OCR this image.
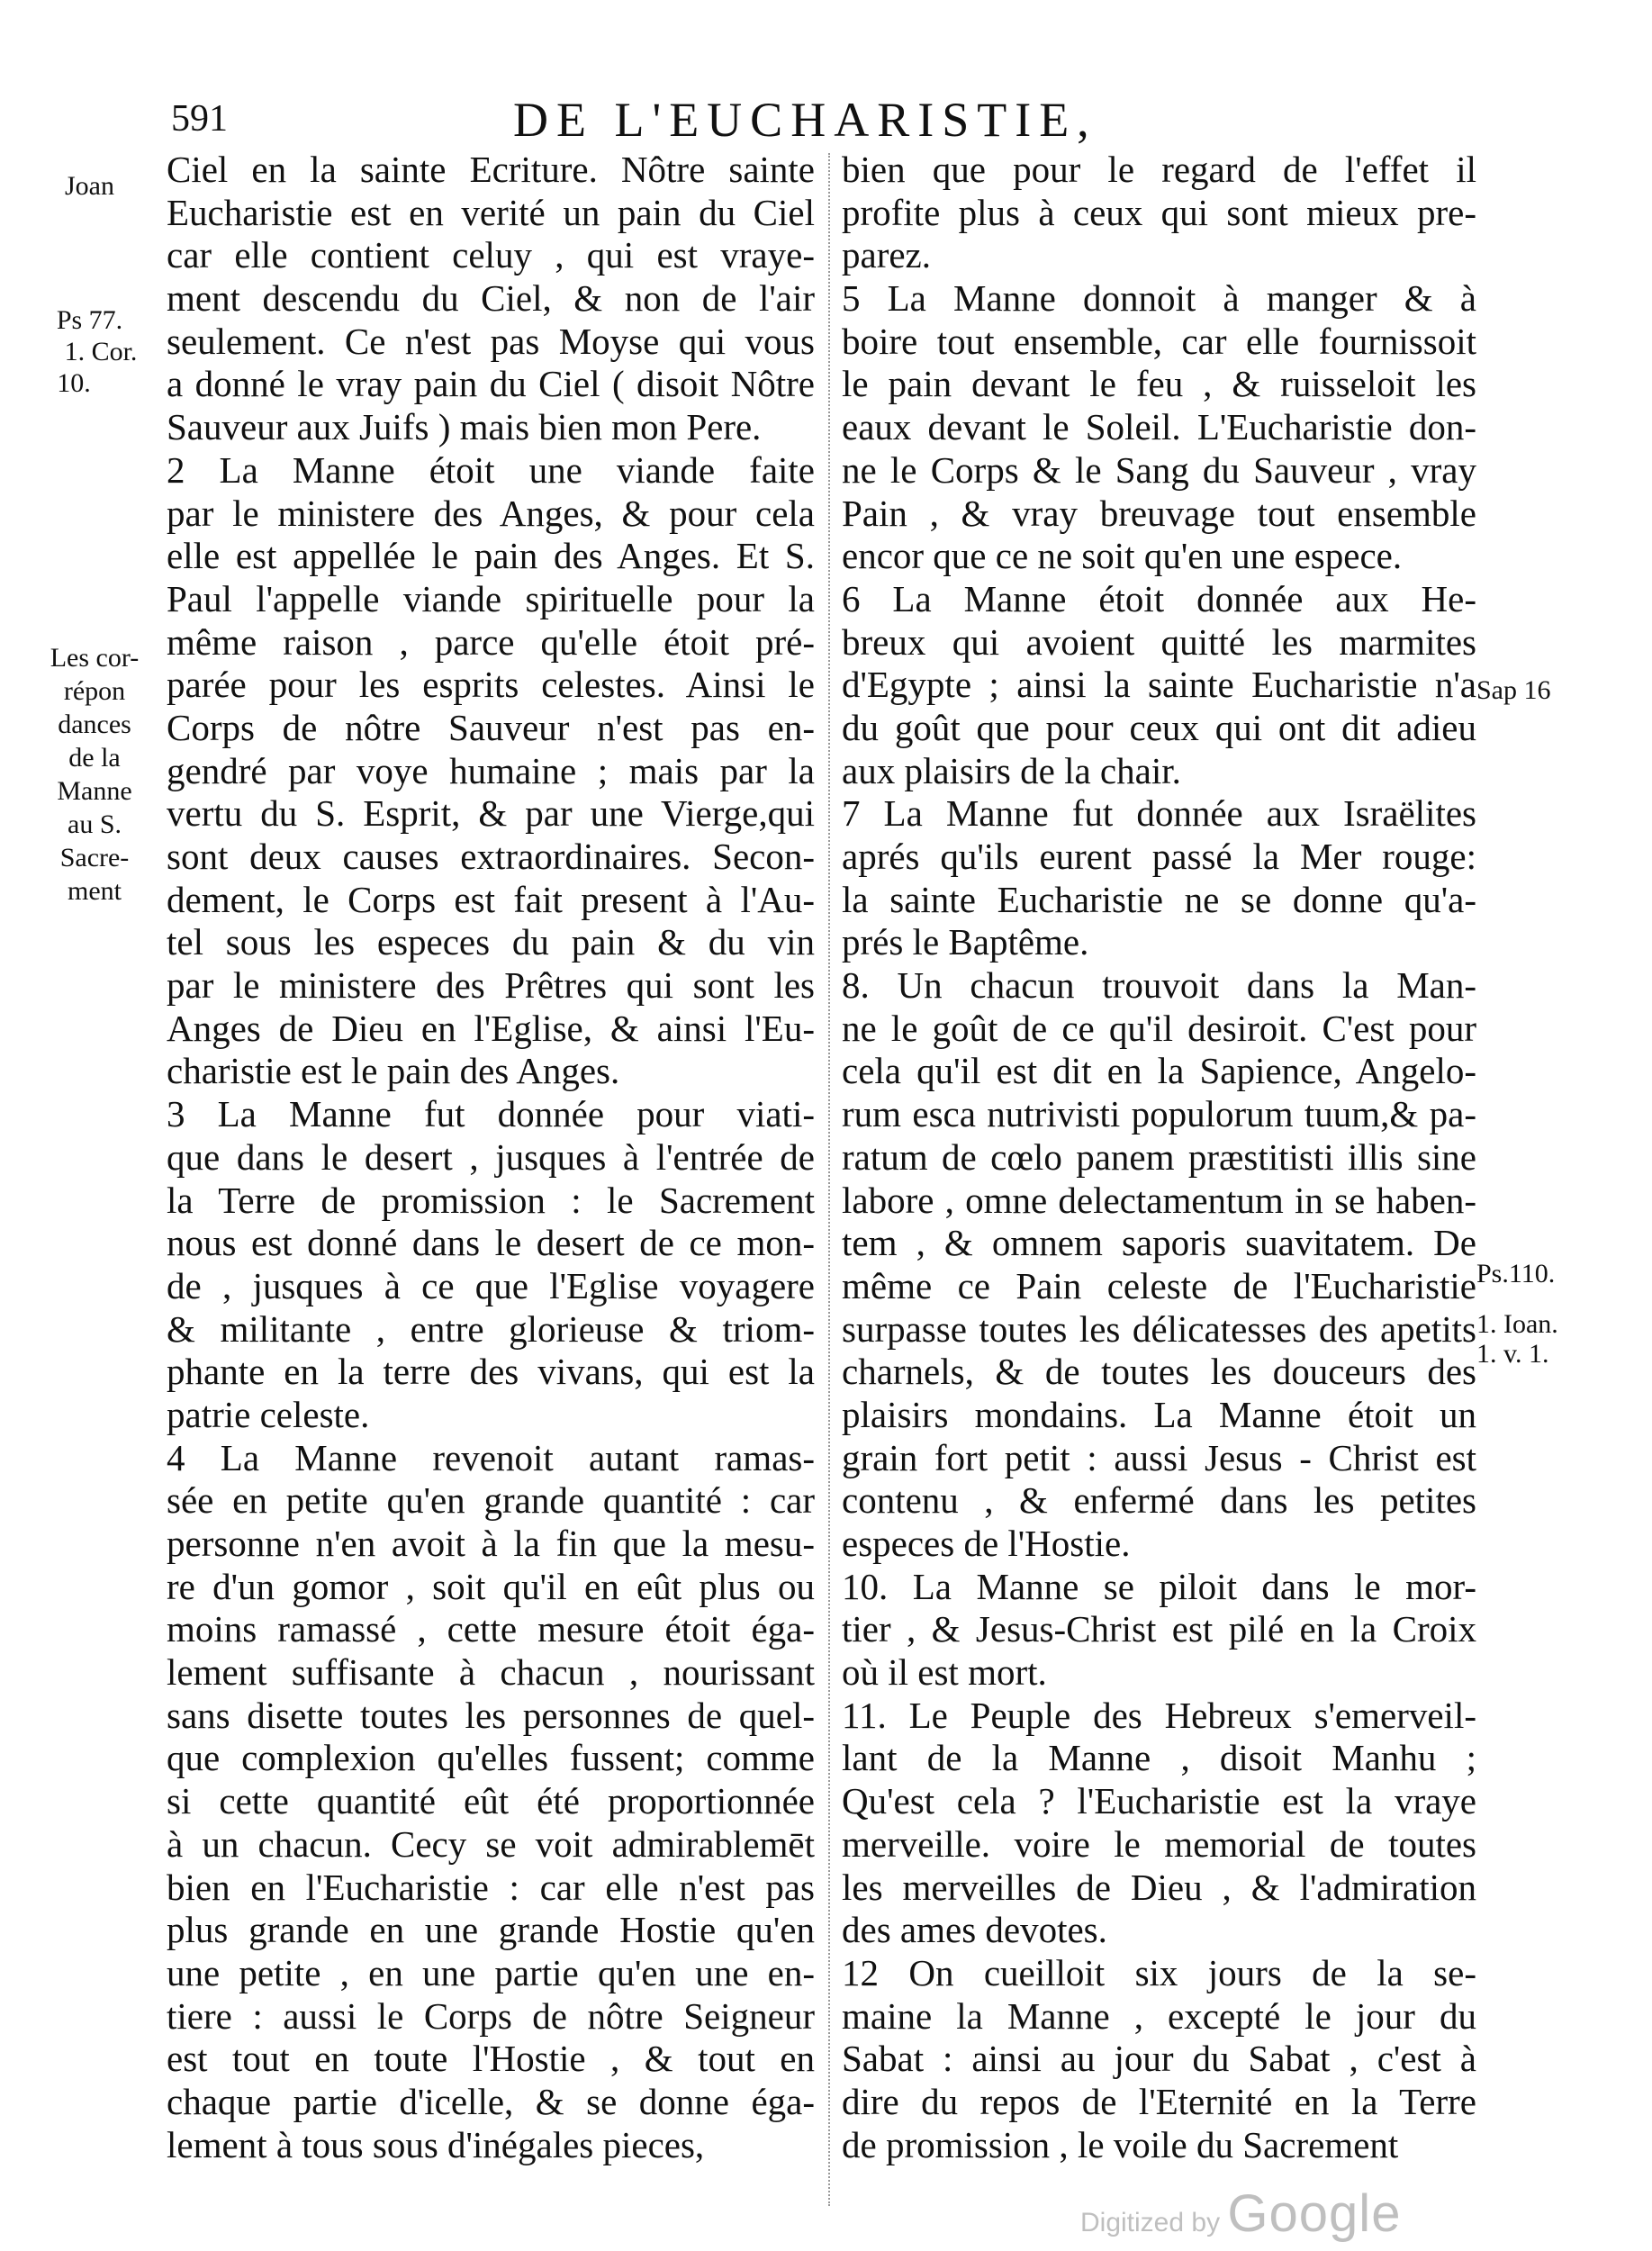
591	DE L'EUCHARISTIE,
Ciel en la sainte Ecriture. Nôtre sainte
Eucharistie est en verité un pain du Ciel
car elle contient celuy , qui est vraye-
ment descendu du Ciel, & non de l'air
seulement. Ce n'est pas Moyse qui vous
a donné le vray pain du Ciel ( disoit Nôtre
Sauveur aux Juifs ) mais bien mon Pere.
2 La Manne étoit une viande faite
par le ministere des Anges, & pour cela
elle est appellée le pain des Anges. Et S.
Paul l'appelle viande spirituelle pour la
même raison , parce qu'elle étoit pré-
parée pour les esprits celestes. Ainsi le
Corps de nôtre Sauveur n'est pas en-
gendré par voye humaine ; mais par la
vertu du S. Esprit, & par une Vierge,qui
sont deux causes extraordinaires. Secon-
dement, le Corps est fait present à l'Au-
tel sous les especes du pain & du vin
par le ministere des Prêtres qui sont les
Anges de Dieu en l'Eglise, & ainsi l'Eu-
charistie est le pain des Anges.
3 La Manne fut donnée pour viati-
que dans le desert , jusques à l'entrée de
la Terre de promission : le Sacrement
nous est donné dans le desert de ce mon-
de , jusques à ce que l'Eglise voyagere
& militante , entre glorieuse & triom-
phante en la terre des vivans, qui est la
patrie celeste.
4 La Manne revenoit autant ramas-
sée en petite qu'en grande quantité : car
personne n'en avoit à la fin que la mesu-
re d'un gomor , soit qu'il en eût plus ou
moins ramassé , cette mesure étoit éga-
lement suffisante à chacun , nourissant
sans disette toutes les personnes de quel-
que complexion qu'elles fussent; comme
si cette quantité eût été proportionnée
à un chacun. Cecy se voit admirablemēt
bien en l'Eucharistie : car elle n'est pas
plus grande en une grande Hostie qu'en
une petite , en une partie qu'en une en-
tiere : aussi le Corps de nôtre Seigneur
est tout en toute l'Hostie , & tout en
chaque partie d'icelle, & se donne éga-
lement à tous sous d'inégales pieces,
bien que pour le regard de l'effet il
profite plus à ceux qui sont mieux pre-
parez.
5 La Manne donnoit à manger & à
boire tout ensemble, car elle fournissoit
le pain devant le feu , & ruisseloit les
eaux devant le Soleil. L'Eucharistie don-
ne le Corps & le Sang du Sauveur , vray
Pain , & vray breuvage tout ensemble
encor que ce ne soit qu'en une espece.
6 La Manne étoit donnée aux He-
breux qui avoient quitté les marmites
d'Egypte ; ainsi la sainte Eucharistie n'a
du goût que pour ceux qui ont dit adieu
aux plaisirs de la chair.
7 La Manne fut donnée aux Israëlites
aprés qu'ils eurent passé la Mer rouge:
la sainte Eucharistie ne se donne qu'a-
prés le Baptême.
8. Un chacun trouvoit dans la Man-
ne le goût de ce qu'il desiroit. C'est pour
cela qu'il est dit en la Sapience, Angelo-
rum esca nutrivisti populorum tuum,& pa-
ratum de cœlo panem præstitisti illis sine
labore , omne delectamentum in se haben-
tem , & omnem saporis suavitatem. De
même ce Pain celeste de l'Eucharistie
surpasse toutes les délicatesses des apetits
charnels, & de toutes les douceurs des
plaisirs mondains. La Manne étoit un
grain fort petit : aussi Jesus - Christ est
contenu , & enfermé dans les petites
especes de l'Hostie.
10. La Manne se piloit dans le mor-
tier , & Jesus-Christ est pilé en la Croix
où il est mort.
11. Le Peuple des Hebreux s'emerveil-
lant de la Manne , disoit Manhu ;
Qu'est cela ? l'Eucharistie est la vraye
merveille. voire le memorial de toutes
les merveilles de Dieu , & l'admiration
des ames devotes.
12 On cueilloit six jours de la se-
maine la Manne , excepté le jour du
Sabat : ainsi au jour du Sabat , c'est à
dire du repos de l'Eternité en la Terre
de promission , le voile du Sacrement
Joan
Ps 77.
1. Cor.
10.
Les cor-
répon
dances
de la
Manne
au S.
Sacre-
ment
Sap 16
Ps.110.
1. Ioan.
1. v. 1.
Digitized by Google
